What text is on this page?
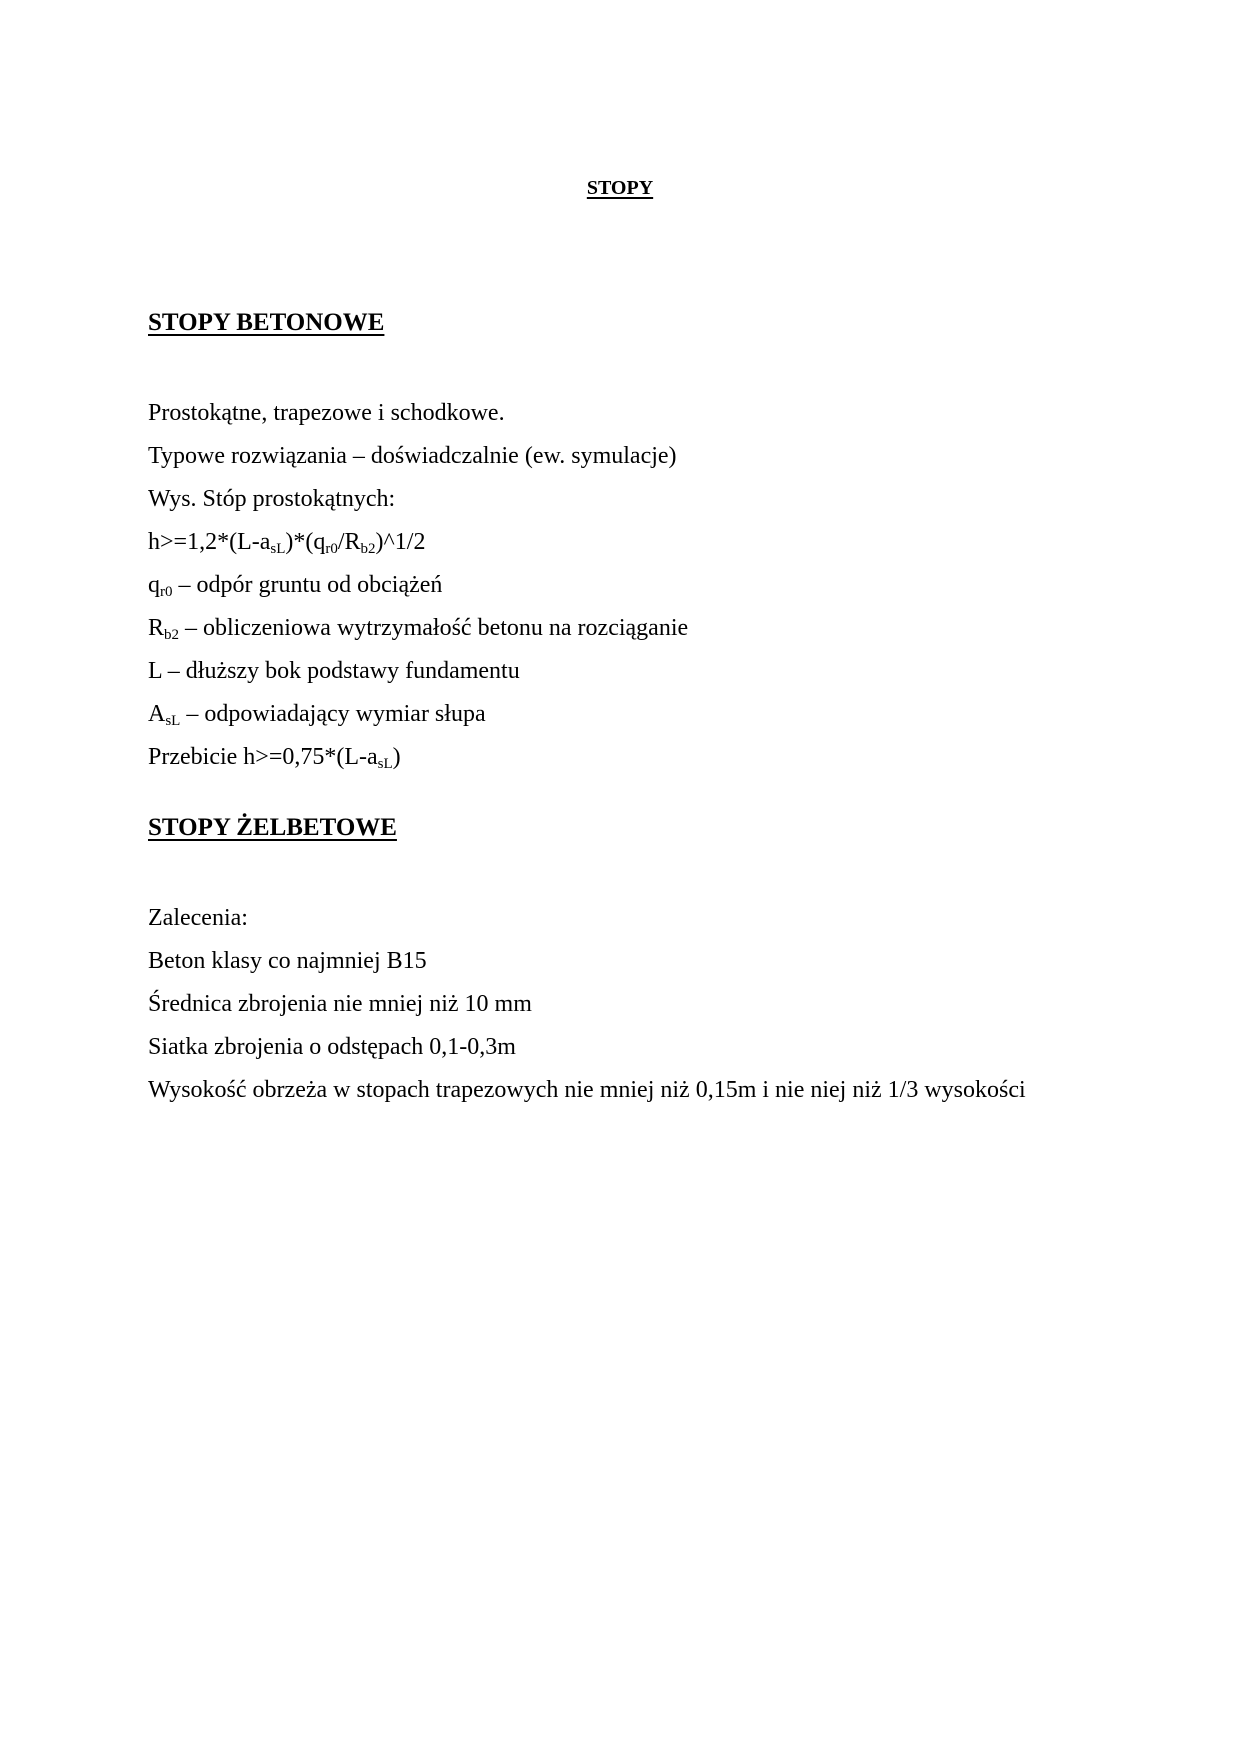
STOPY
STOPY BETONOWE
Prostokątne, trapezowe i schodkowe.
Typowe rozwiązania – doświadczalnie (ew. symulacje)
Wys. Stóp prostokątnych:
$h>=1,2*(L-a_{sL})*(q_{r0}/R_{b2})\^{}1/2$
$q_{r0}$ – odpór gruntu od obciążeń
$R_{b2}$ – obliczeniowa wytrzymałość betonu na rozciąganie
L – dłuższy bok podstawy fundamentu
$A_{sL}$ – odpowiadający wymiar słupa
Przebicie $h>=0,75*(L-a_{sL})$
STOPY ŻELBETOWE
Zalecenia:
Beton klasy co najmniej B15
Średnica zbrojenia nie mniej niż 10 mm
Siatka zbrojenia o odstępach 0,1-0,3m
Wysokość obrzeża w stopach trapezowych nie mniej niż 0,15m i nie niej niż 1/3 wysokości
